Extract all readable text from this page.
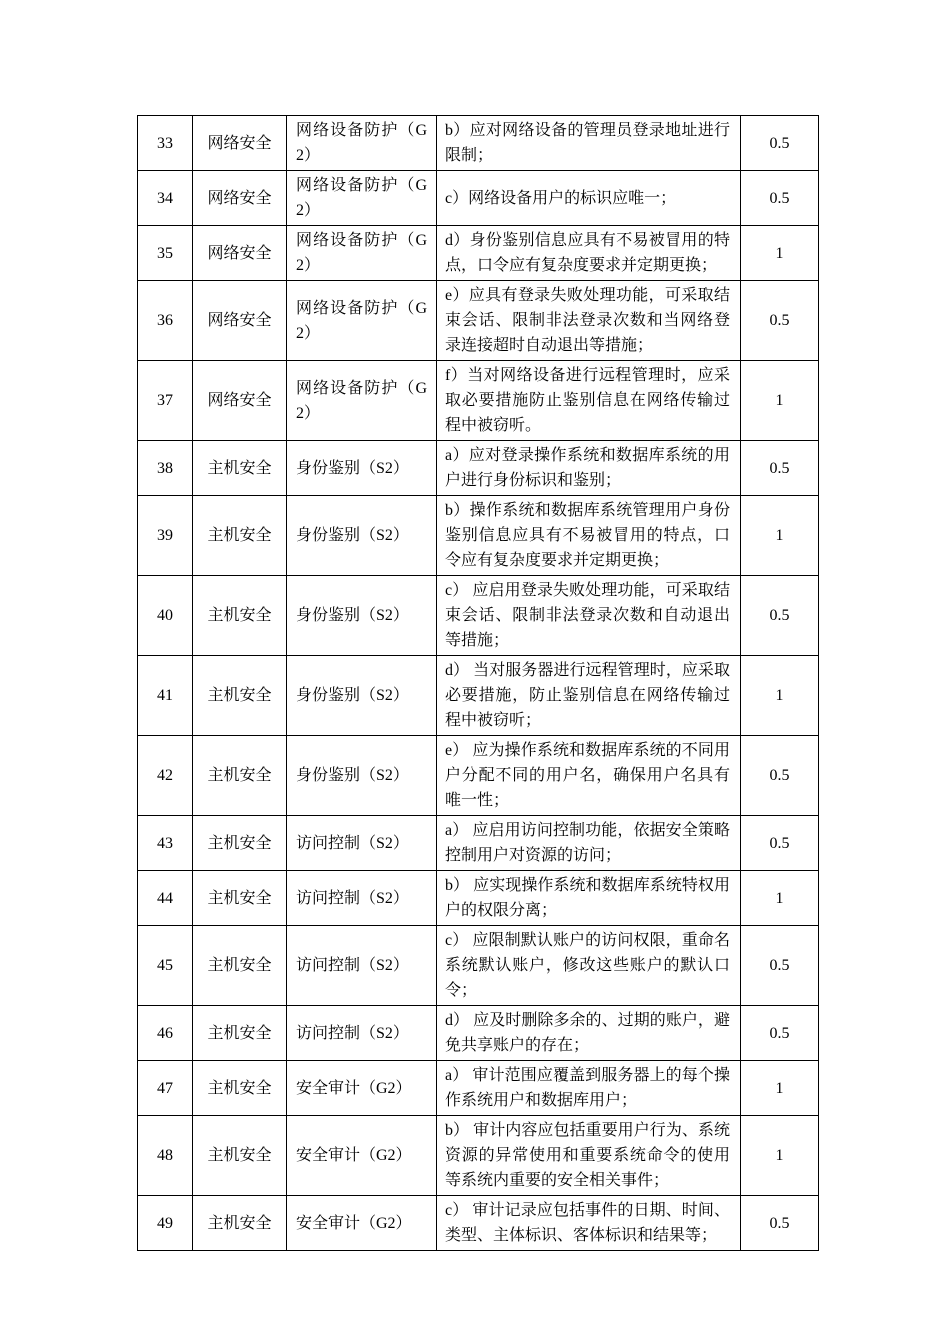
33	网络安全	网络设备防护（G2）	b）应对网络设备的管理员登录地址进行限制；	0.5
34	网络安全	网络设备防护（G2）	c）网络设备用户的标识应唯一；	0.5
35	网络安全	网络设备防护（G2）	d）身份鉴别信息应具有不易被冒用的特点，口令应有复杂度要求并定期更换；	1
36	网络安全	网络设备防护（G2）	e）应具有登录失败处理功能，可采取结束会话、限制非法登录次数和当网络登录连接超时自动退出等措施；	0.5
37	网络安全	网络设备防护（G2）	f）当对网络设备进行远程管理时，应采取必要措施防止鉴别信息在网络传输过程中被窃听。	1
38	主机安全	身份鉴别（S2）	a）应对登录操作系统和数据库系统的用户进行身份标识和鉴别；	0.5
39	主机安全	身份鉴别（S2）	b）操作系统和数据库系统管理用户身份鉴别信息应具有不易被冒用的特点，口令应有复杂度要求并定期更换；	1
40	主机安全	身份鉴别（S2）	c） 应启用登录失败处理功能，可采取结束会话、限制非法登录次数和自动退出等措施；	0.5
41	主机安全	身份鉴别（S2）	d） 当对服务器进行远程管理时，应采取必要措施，防止鉴别信息在网络传输过程中被窃听；	1
42	主机安全	身份鉴别（S2）	e） 应为操作系统和数据库系统的不同用户分配不同的用户名，确保用户名具有唯一性；	0.5
43	主机安全	访问控制（S2）	a） 应启用访问控制功能，依据安全策略控制用户对资源的访问；	0.5
44	主机安全	访问控制（S2）	b） 应实现操作系统和数据库系统特权用户的权限分离；	1
45	主机安全	访问控制（S2）	c） 应限制默认账户的访问权限，重命名系统默认账户，修改这些账户的默认口令；	0.5
46	主机安全	访问控制（S2）	d） 应及时删除多余的、过期的账户，避免共享账户的存在；	0.5
47	主机安全	安全审计（G2）	a） 审计范围应覆盖到服务器上的每个操作系统用户和数据库用户；	1
48	主机安全	安全审计（G2）	b） 审计内容应包括重要用户行为、系统资源的异常使用和重要系统命令的使用等系统内重要的安全相关事件；	1
49	主机安全	安全审计（G2）	c） 审计记录应包括事件的日期、时间、类型、主体标识、客体标识和结果等；	0.5
